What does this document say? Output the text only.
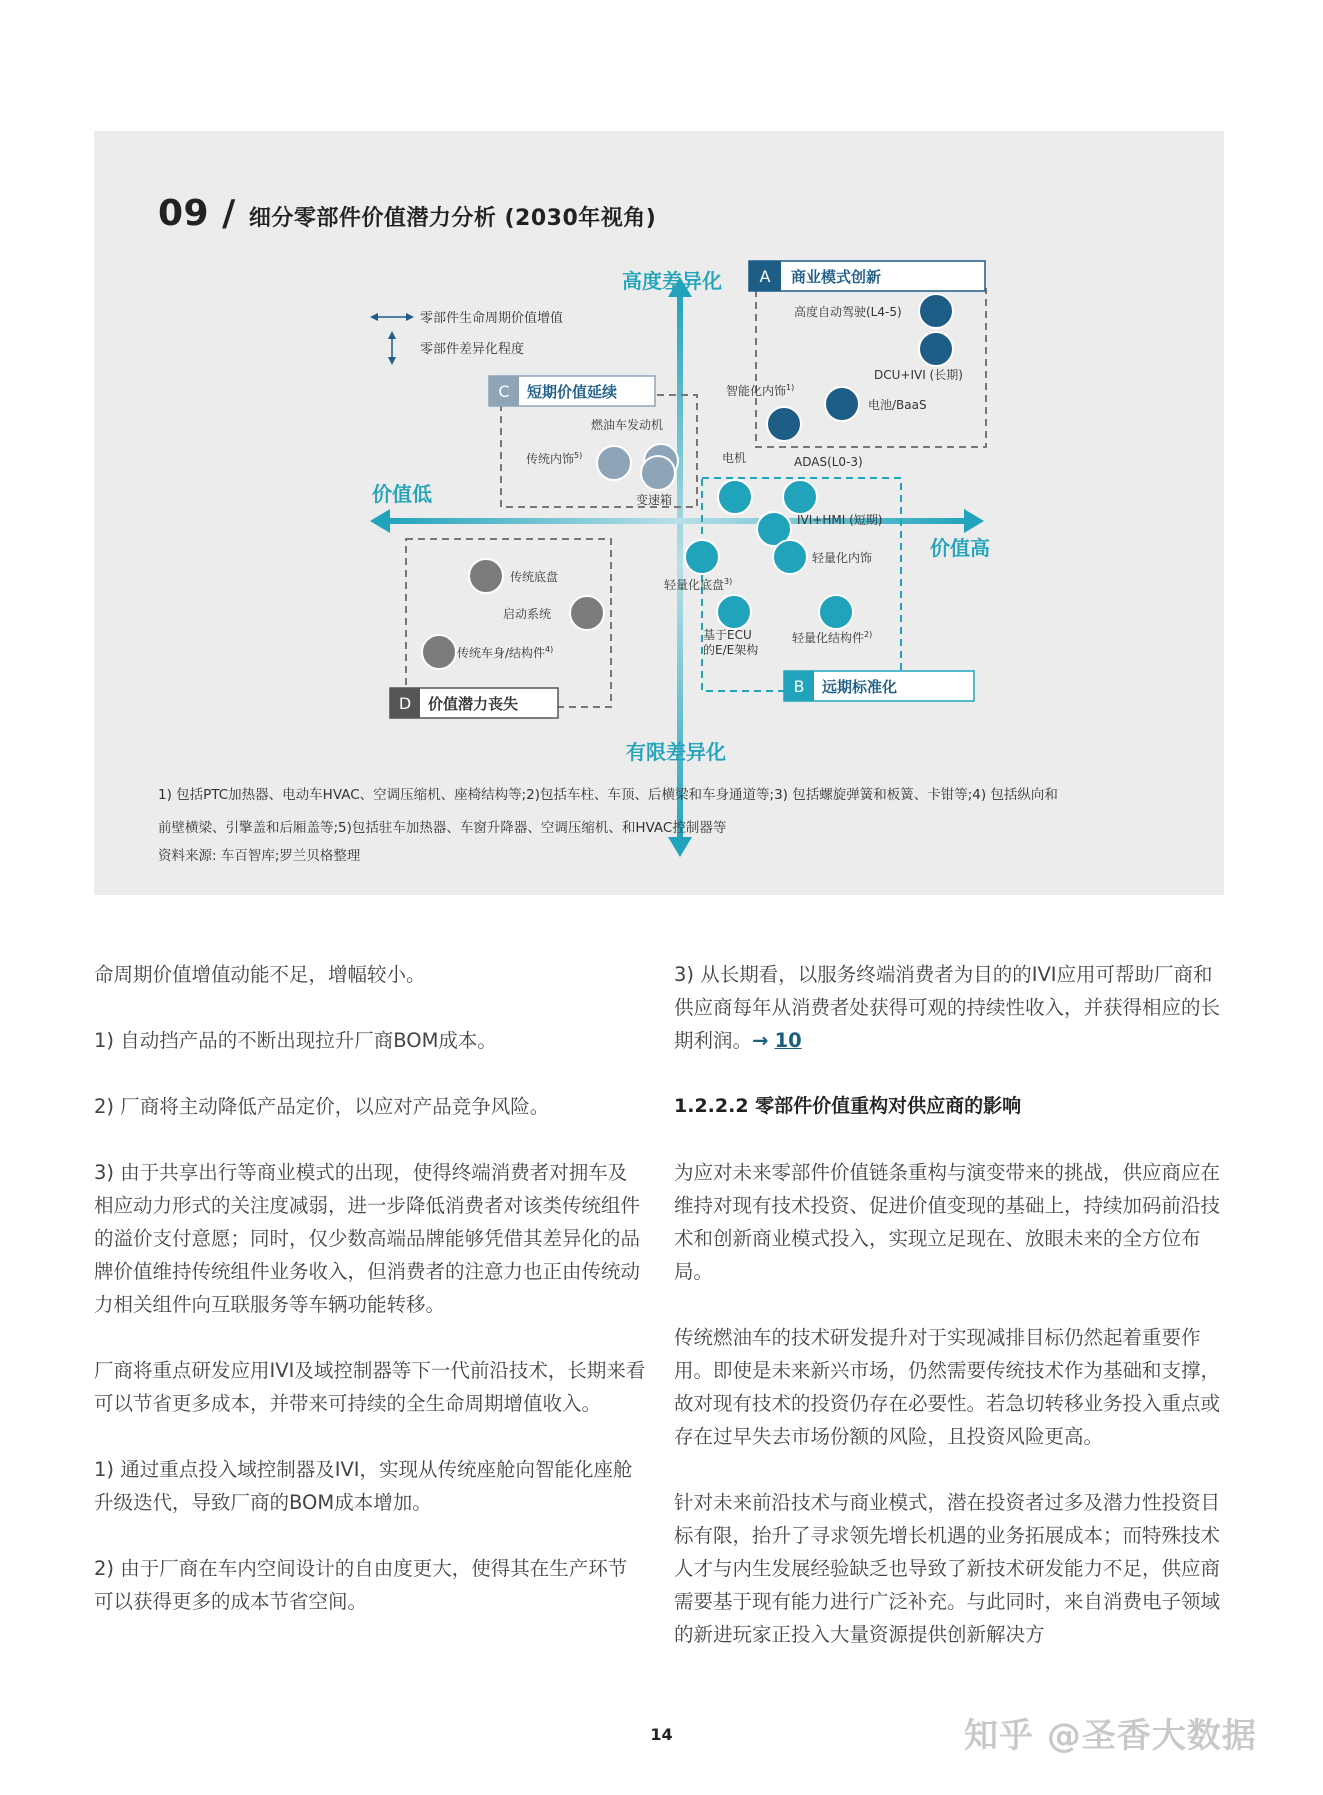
09 / 细分零部件价值潜力分析 (2030年视角)
高度差异化
有限差异化
价值低
价值高
零部件生命周期价值增值
零部件差异化程度
A 商业模式创新
C 短期价值延续
B 远期标准化
D 价值潜力丧失
高度自动驾驶(L4-5)
DCU+IVI (长期)
电池/BaaS
智能化内饰$^{1)}$
燃油车发动机
传统内饰$^{5)}$
变速箱
电机	ADAS(L0-3)
IVI+HMI (短期)
轻量化内饰
轻量化底盘$^{3)}$
基于ECU
的E/E架构
轻量化结构件$^{2)}$
传统底盘
启动系统
传统车身/结构件$^{4)}$
1) 包括PTC加热器、电动车HVAC、空调压缩机、座椅结构等;2)包括车柱、车顶、后横梁和车身通道等;3) 包括螺旋弹簧和板簧、卡钳等;4) 包括纵向和
前壁横梁、引擎盖和后厢盖等;5)包括驻车加热器、车窗升降器、空调压缩机、和HVAC控制器等
资料来源: 车百智库;罗兰贝格整理

命周期价值增值动能不足，增幅较小。

1) 自动挡产品的不断出现拉升厂商BOM成本。

2) 厂商将主动降低产品定价，以应对产品竞争风险。

3) 由于共享出行等商业模式的出现，使得终端消费者对拥车及相应动力形式的关注度减弱，进一步降低消费者对该类传统组件的溢价支付意愿；同时，仅少数高端品牌能够凭借其差异化的品牌价值维持传统组件业务收入，但消费者的注意力也正由传统动力相关组件向互联服务等车辆功能转移。

厂商将重点研发应用IVI及域控制器等下一代前沿技术，长期来看可以节省更多成本，并带来可持续的全生命周期增值收入。

1) 通过重点投入域控制器及IVI，实现从传统座舱向智能化座舱升级迭代，导致厂商的BOM成本增加。

2) 由于厂商在车内空间设计的自由度更大，使得其在生产环节可以获得更多的成本节省空间。

3) 从长期看，以服务终端消费者为目的的IVI应用可帮助厂商和供应商每年从消费者处获得可观的持续性收入，并获得相应的长期利润。→ 10

1.2.2.2 零部件价值重构对供应商的影响

为应对未来零部件价值链条重构与演变带来的挑战，供应商应在维持对现有技术投资、促进价值变现的基础上，持续加码前沿技术和创新商业模式投入，实现立足现在、放眼未来的全方位布局。

传统燃油车的技术研发提升对于实现减排目标仍然起着重要作用。即使是未来新兴市场，仍然需要传统技术作为基础和支撑，故对现有技术的投资仍存在必要性。若急切转移业务投入重点或存在过早失去市场份额的风险，且投资风险更高。

针对未来前沿技术与商业模式，潜在投资者过多及潜力性投资目标有限，抬升了寻求领先增长机遇的业务拓展成本；而特殊技术人才与内生发展经验缺乏也导致了新技术研发能力不足，供应商需要基于现有能力进行广泛补充。与此同时，来自消费电子领域的新进玩家正投入大量资源提供创新解决方

14	知乎 @圣香大数据
